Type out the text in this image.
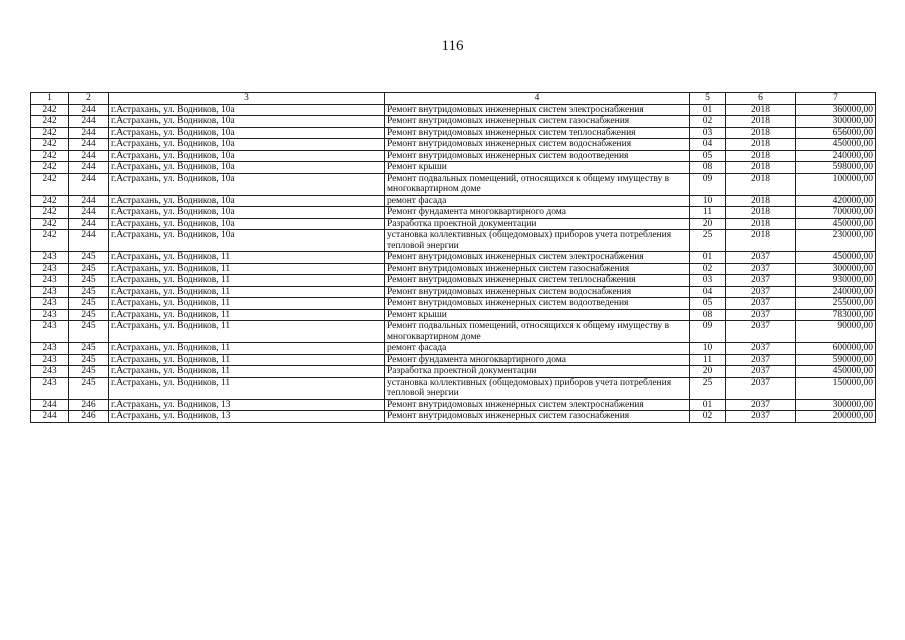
116
1	2	3	4	5	6	7
242	244	г.Астрахань, ул. Водников, 10а	Ремонт внутридомовых инженерных систем электроснабжения	01	2018	360000,00
242	244	г.Астрахань, ул. Водников, 10а	Ремонт внутридомовых инженерных систем газоснабжения	02	2018	300000,00
242	244	г.Астрахань, ул. Водников, 10а	Ремонт внутридомовых инженерных систем теплоснабжения	03	2018	656000,00
242	244	г.Астрахань, ул. Водников, 10а	Ремонт внутридомовых инженерных систем водоснабжения	04	2018	450000,00
242	244	г.Астрахань, ул. Водников, 10а	Ремонт внутридомовых инженерных систем водоотведения	05	2018	240000,00
242	244	г.Астрахань, ул. Водников, 10а	Ремонт крыши	08	2018	598000,00
242	244	г.Астрахань, ул. Водников, 10а	Ремонт подвальных помещений, относящихся к общему имуществу в многоквартирном доме	09	2018	100000,00
242	244	г.Астрахань, ул. Водников, 10а	ремонт фасада	10	2018	420000,00
242	244	г.Астрахань, ул. Водников, 10а	Ремонт фундамента многоквартирного дома	11	2018	700000,00
242	244	г.Астрахань, ул. Водников, 10а	Разработка проектной документации	20	2018	450000,00
242	244	г.Астрахань, ул. Водников, 10а	установка коллективных (общедомовых) приборов учета потребления тепловой энергии	25	2018	230000,00
243	245	г.Астрахань, ул. Водников, 11	Ремонт внутридомовых инженерных систем электроснабжения	01	2037	450000,00
243	245	г.Астрахань, ул. Водников, 11	Ремонт внутридомовых инженерных систем газоснабжения	02	2037	300000,00
243	245	г.Астрахань, ул. Водников, 11	Ремонт внутридомовых инженерных систем теплоснабжения	03	2037	930000,00
243	245	г.Астрахань, ул. Водников, 11	Ремонт внутридомовых инженерных систем водоснабжения	04	2037	240000,00
243	245	г.Астрахань, ул. Водников, 11	Ремонт внутридомовых инженерных систем водоотведения	05	2037	255000,00
243	245	г.Астрахань, ул. Водников, 11	Ремонт крыши	08	2037	783000,00
243	245	г.Астрахань, ул. Водников, 11	Ремонт подвальных помещений, относящихся к общему имуществу в многоквартирном доме	09	2037	90000,00
243	245	г.Астрахань, ул. Водников, 11	ремонт фасада	10	2037	600000,00
243	245	г.Астрахань, ул. Водников, 11	Ремонт фундамента многоквартирного дома	11	2037	590000,00
243	245	г.Астрахань, ул. Водников, 11	Разработка проектной документации	20	2037	450000,00
243	245	г.Астрахань, ул. Водников, 11	установка коллективных (общедомовых) приборов учета потребления тепловой энергии	25	2037	150000,00
244	246	г.Астрахань, ул. Водников, 13	Ремонт внутридомовых инженерных систем электроснабжения	01	2037	300000,00
244	246	г.Астрахань, ул. Водников, 13	Ремонт внутридомовых инженерных систем газоснабжения	02	2037	200000,00
